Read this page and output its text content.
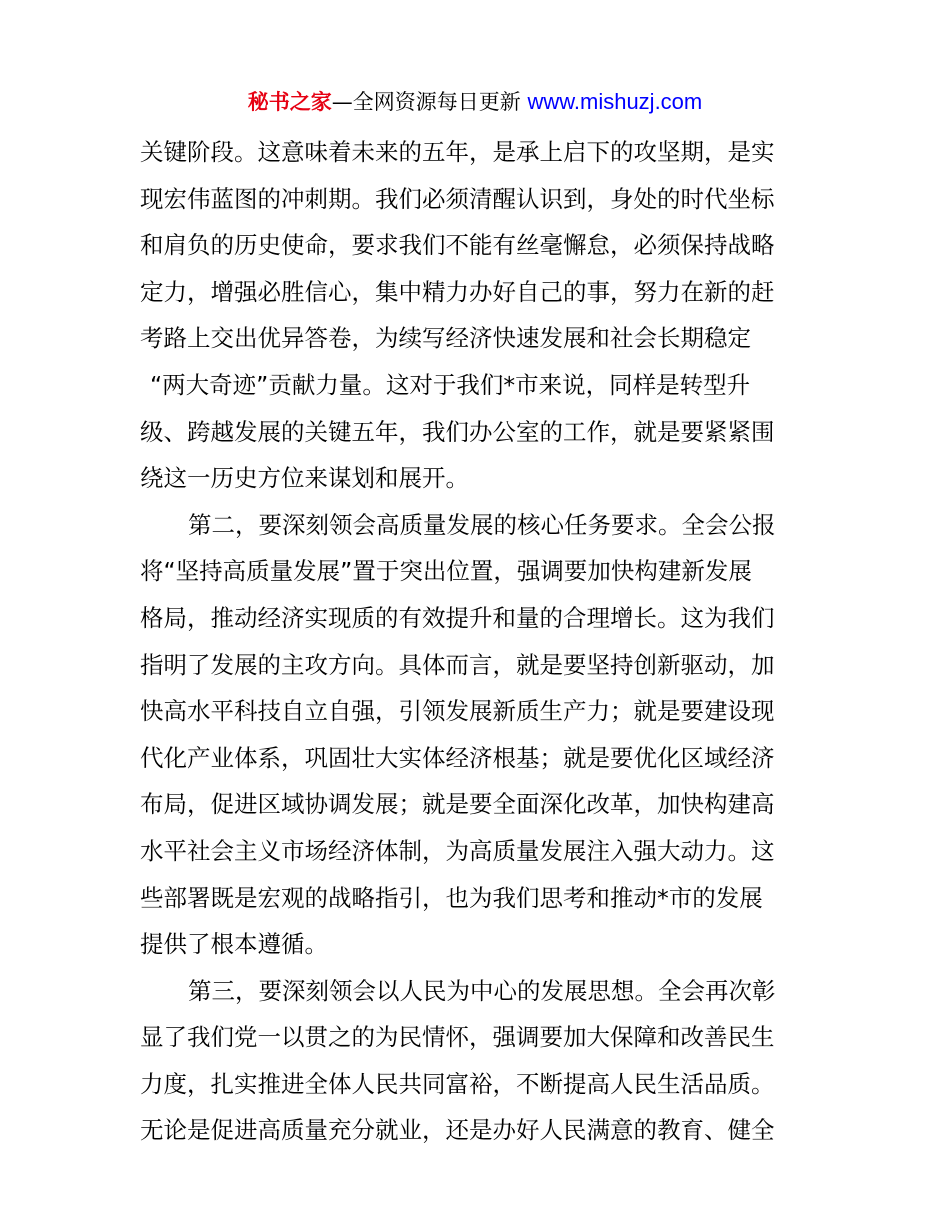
秘书之家—全网资源每日更新 www.mishuzj.com
关键阶段。这意味着未来的五年，是承上启下的攻坚期，是实
现宏伟蓝图的冲刺期。我们必须清醒认识到，身处的时代坐标
和肩负的历史使命，要求我们不能有丝毫懈怠，必须保持战略
定力，增强必胜信心，集中精力办好自己的事，努力在新的赶
考路上交出优异答卷，为续写经济快速发展和社会长期稳定
“两大奇迹”贡献力量。这对于我们*市来说，同样是转型升
级、跨越发展的关键五年，我们办公室的工作，就是要紧紧围
绕这一历史方位来谋划和展开。
第二，要深刻领会高质量发展的核心任务要求。全会公报
将“坚持高质量发展”置于突出位置，强调要加快构建新发展
格局，推动经济实现质的有效提升和量的合理增长。这为我们
指明了发展的主攻方向。具体而言，就是要坚持创新驱动，加
快高水平科技自立自强，引领发展新质生产力；就是要建设现
代化产业体系，巩固壮大实体经济根基；就是要优化区域经济
布局，促进区域协调发展；就是要全面深化改革，加快构建高
水平社会主义市场经济体制，为高质量发展注入强大动力。这
些部署既是宏观的战略指引，也为我们思考和推动*市的发展
提供了根本遵循。
第三，要深刻领会以人民为中心的发展思想。全会再次彰
显了我们党一以贯之的为民情怀，强调要加大保障和改善民生
力度，扎实推进全体人民共同富裕，不断提高人民生活品质。
无论是促进高质量充分就业，还是办好人民满意的教育、健全
